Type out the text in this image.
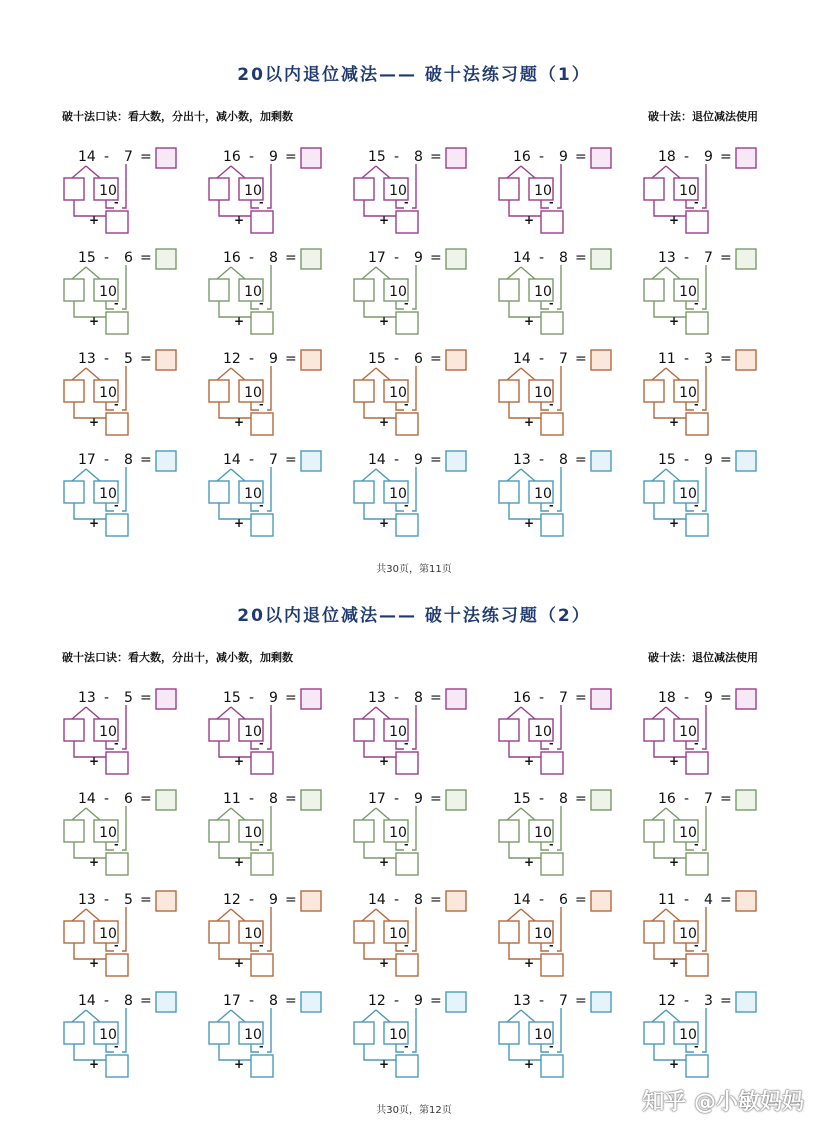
20以内退位减法—— 破十法练习题（1）
破十法口诀：看大数，分出十，减小数，加剩数	破十法：退位减法使用
14 - 7 =
10
+
-
16 - 9 =
10
+
-
15 - 8 =
10
+
-
16 - 9 =
10
+
-
18 - 9 =
10
+
-
15 - 6 =
10
+
-
16 - 8 =
10
+
-
17 - 9 =
10
+
-
14 - 8 =
10
+
-
13 - 7 =
10
+
-
13 - 5 =
10
+
-
12 - 9 =
10
+
-
15 - 6 =
10
+
-
14 - 7 =
10
+
-
11 - 3 =
10
+
-
17 - 8 =
10
+
-
14 - 7 =
10
+
-
14 - 9 =
10
+
-
13 - 8 =
10
+
-
15 - 9 =
10
+
-
共30页，第11页
20以内退位减法—— 破十法练习题（2）
破十法口诀：看大数，分出十，减小数，加剩数	破十法：退位减法使用
13 - 5 =
10
+
-
15 - 9 =
10
+
-
13 - 8 =
10
+
-
16 - 7 =
10
+
-
18 - 9 =
10
+
-
14 - 6 =
10
+
-
11 - 8 =
10
+
-
17 - 9 =
10
+
-
15 - 8 =
10
+
-
16 - 7 =
10
+
-
13 - 5 =
10
+
-
12 - 9 =
10
+
-
14 - 8 =
10
+
-
14 - 6 =
10
+
-
11 - 4 =
10
+
-
14 - 8 =
10
+
-
17 - 8 =
10
+
-
12 - 9 =
10
+
-
13 - 7 =
10
+
-
12 - 3 =
10
+
-
共30页，第12页	知乎 @小敏妈妈
